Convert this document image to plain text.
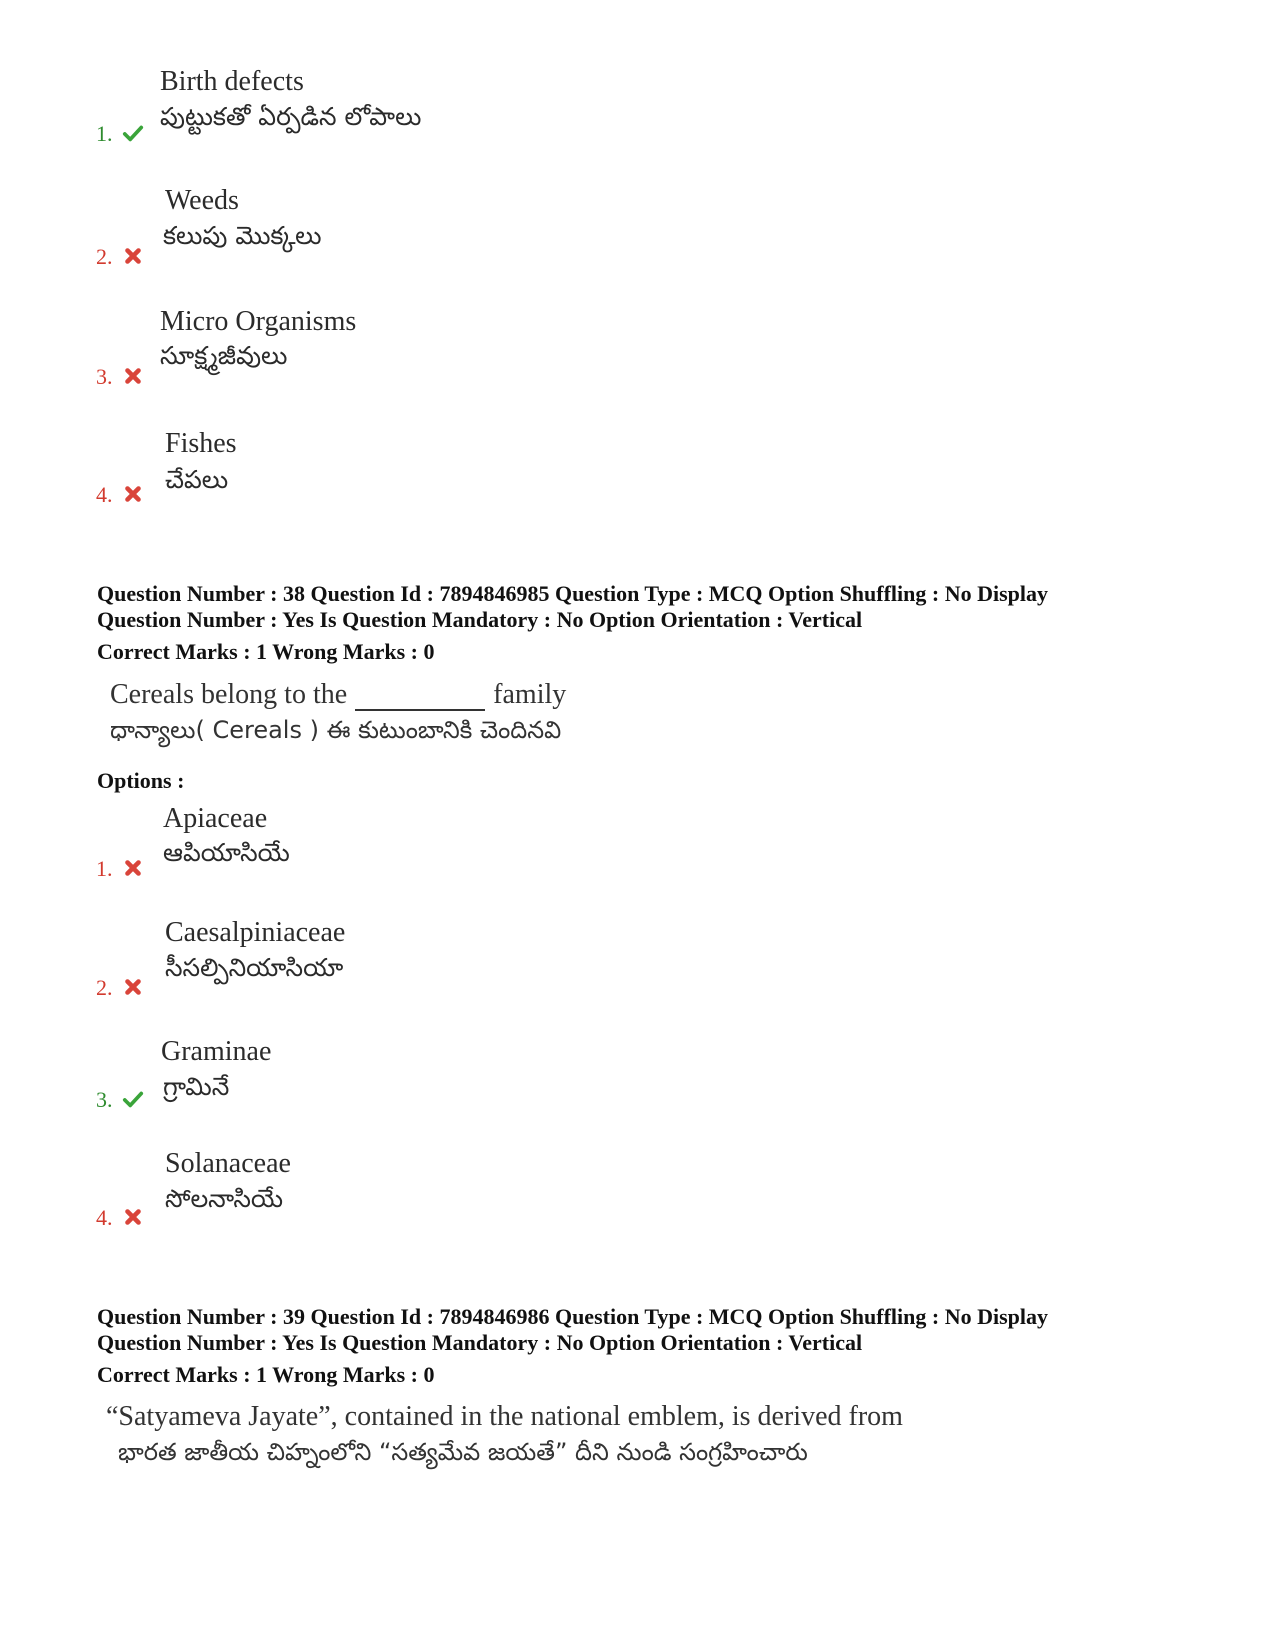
Birth defects
పుట్టుకతో ఏర్పడిన లోపాలు
1.
Weeds
కలుపు మొక్కలు
2.
Micro Organisms
సూక్ష్మజీవులు
3.
Fishes
చేపలు
4.
Question Number : 38 Question Id : 7894846985 Question Type : MCQ Option Shuffling : No Display
Question Number : Yes Is Question Mandatory : No Option Orientation : Vertical
Correct Marks : 1 Wrong Marks : 0
Cereals belong to the	family
ధాన్యాలు( Cereals ) ఈ కుటుంబానికి చెందినవి
Options :
Apiaceae
ఆపియాసియే
1.
Caesalpiniaceae
సీసల్పినియాసియా
2.
Graminae
గ్రామినే
3.
Solanaceae
సోలనాసియే
4.
Question Number : 39 Question Id : 7894846986 Question Type : MCQ Option Shuffling : No Display
Question Number : Yes Is Question Mandatory : No Option Orientation : Vertical
Correct Marks : 1 Wrong Marks : 0
“Satyameva Jayate”, contained in the national emblem, is derived from
భారత జాతీయ చిహ్నంలోని “సత్యమేవ జయతే” దీని నుండి సంగ్రహించారు
